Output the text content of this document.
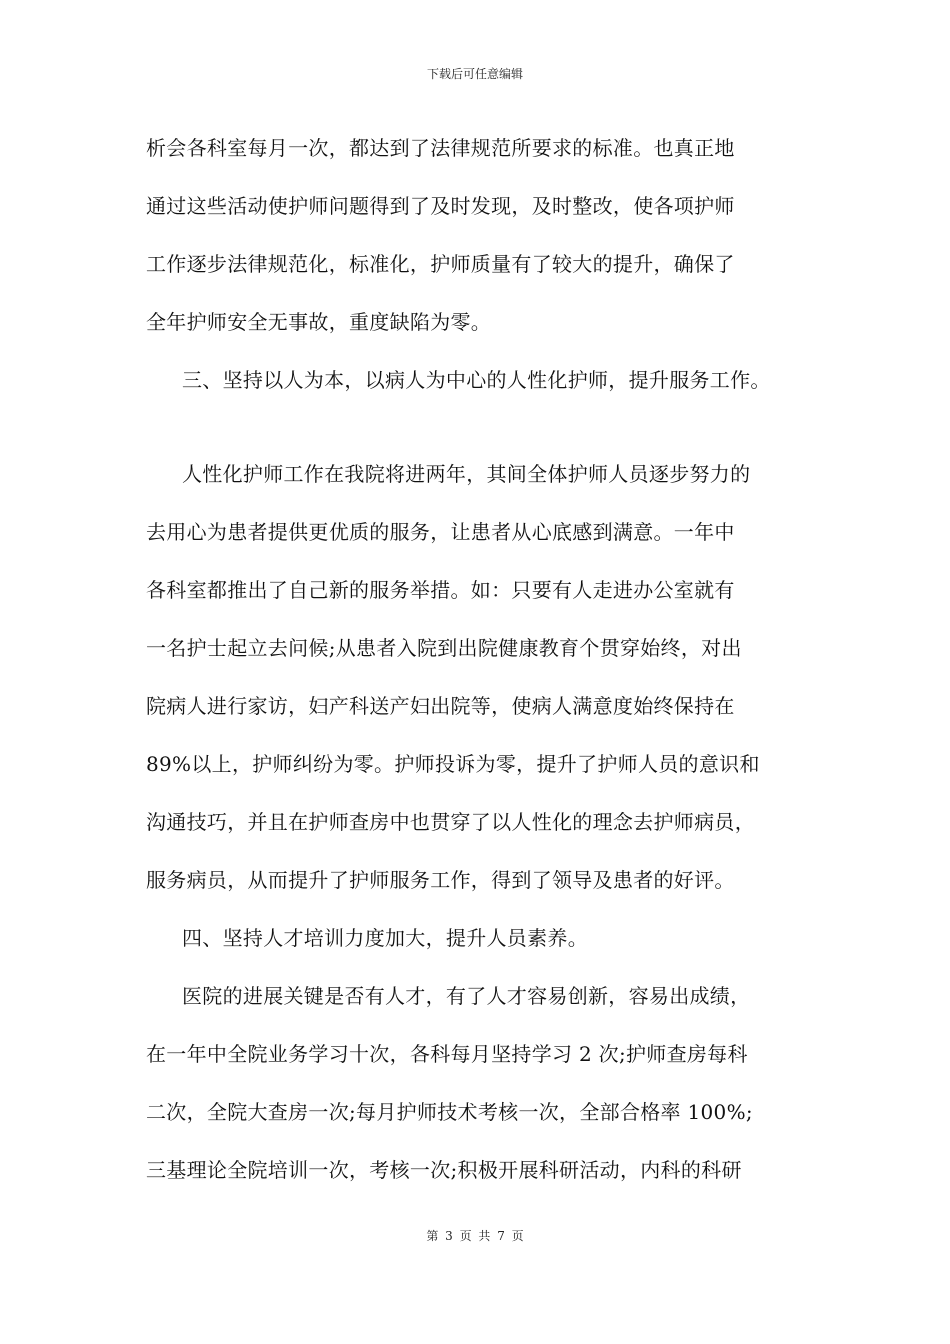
下载后可任意编辑
析会各科室每月一次，都达到了法律规范所要求的标准。也真正地
通过这些活动使护师问题得到了及时发现，及时整改，使各项护师
工作逐步法律规范化，标准化，护师质量有了较大的提升，确保了
全年护师安全无事故，重度缺陷为零。
三、坚持以人为本，以病人为中心的人性化护师，提升服务工作。
人性化护师工作在我院将进两年，其间全体护师人员逐步努力的
去用心为患者提供更优质的服务，让患者从心底感到满意。一年中
各科室都推出了自己新的服务举措。如：只要有人走进办公室就有
一名护士起立去问候;从患者入院到出院健康教育个贯穿始终，对出
院病人进行家访，妇产科送产妇出院等，使病人满意度始终保持在
89%以上，护师纠纷为零。护师投诉为零，提升了护师人员的意识和
沟通技巧，并且在护师查房中也贯穿了以人性化的理念去护师病员，
服务病员，从而提升了护师服务工作，得到了领导及患者的好评。
四、坚持人才培训力度加大，提升人员素养。
医院的进展关键是否有人才，有了人才容易创新，容易出成绩，
在一年中全院业务学习十次，各科每月坚持学习 2 次;护师查房每科
二次，全院大查房一次;每月护师技术考核一次，全部合格率 100%;
三基理论全院培训一次，考核一次;积极开展科研活动，内科的科研
第 3 页 共 7 页
